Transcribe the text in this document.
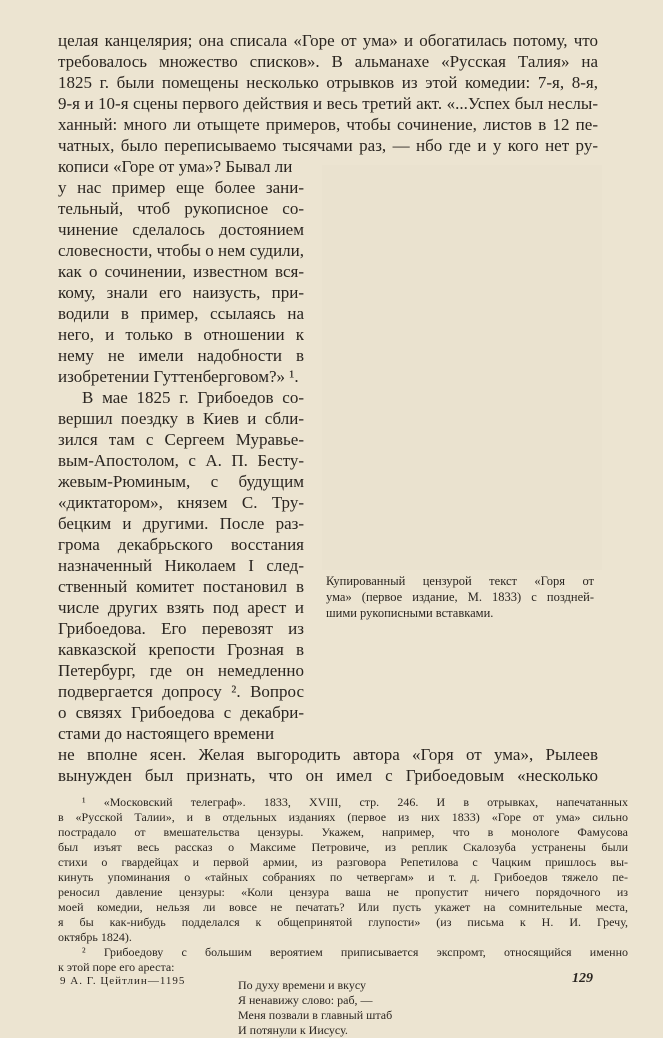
целая канцелярия; она списала «Горе от ума» и обогатилась потому, что
требовалось множество списков». В альманахе «Русская Талия» на
1825 г. были помещены несколько отрывков из этой комедии: 7-я, 8-я,
9-я и 10-я сцены первого действия и весь третий акт. «...Успех был неслы-
ханный: много ли отыщете примеров, чтобы сочинение, листов в 12 пе-
чатных, было переписываемо тысячами раз, — нбо где и у кого нет ру-
кописи «Горе от ума»? Бывал ли
у нас пример еще более зани-
тельный, чтоб рукописное со-
чинение сделалось достоянием
словесности, чтобы о нем судили,
как о сочинении, известном вся-
кому, знали его наизусть, при-
водили в пример, ссылаясь на
него, и только в отношении к
нему не имели надобности в
изобретении Гуттенберговом?» ¹.
В мае 1825 г. Грибоедов со-
вершил поездку в Киев и сбли-
зился там с Сергеем Муравье-
вым-Апостолом, с А. П. Бесту-
жевым-Рюминым, с будущим
«диктатором», князем С. Тру-
бецким и другими. После раз-
грома декабрьского восстания
назначенный Николаем I след-
ственный комитет постановил в
числе других взять под арест и
Грибоедова. Его перевозят из
кавказской крепости Грозная в
Петербург, где он немедленно
подвергается допросу ². Вопрос
о связях Грибоедова с декабри-
стами до настоящего времени
Купированный цензурой текст «Горя от
ума» (первое издание, М. 1833) с поздней-
шими рукописными вставками.
не вполне ясен. Желая выгородить автора «Горя от ума», Рылеев
вынужден был признать, что он имел с Грибоедовым «несколько
¹ «Московский телеграф». 1833, XVIII, стр. 246. И в отрывках, напечатанных
в «Русской Талии», и в отдельных изданиях (первое из них 1833) «Горе от ума» сильно
пострадало от вмешательства цензуры. Укажем, например, что в монологе Фамусова
был изъят весь рассказ о Максиме Петровиче, из реплик Скалозуба устранены были
стихи о гвардейцах и первой армии, из разговора Репетилова с Чацким пришлось вы-
кинуть упоминания о «тайных собраниях по четвергам» и т. д. Грибоедов тяжело пе-
реносил давление цензуры: «Коли цензура ваша не пропустит ничего порядочного из
моей комедии, нельзя ли вовсе не печатать? Или пусть укажет на сомнительные места,
я бы как-нибудь подделался к общепринятой глупости» (из письма к Н. И. Гречу,
октябрь 1824).
² Грибоедову с большим вероятием приписывается экспромт, относящийся именно
к этой поре его ареста:
По духу времени и вкусу
Я ненавижу слово: раб, —
Меня позвали в главный штаб
И потянули к Иисусу.
9 А. Г. Цейтлин—1195	129
